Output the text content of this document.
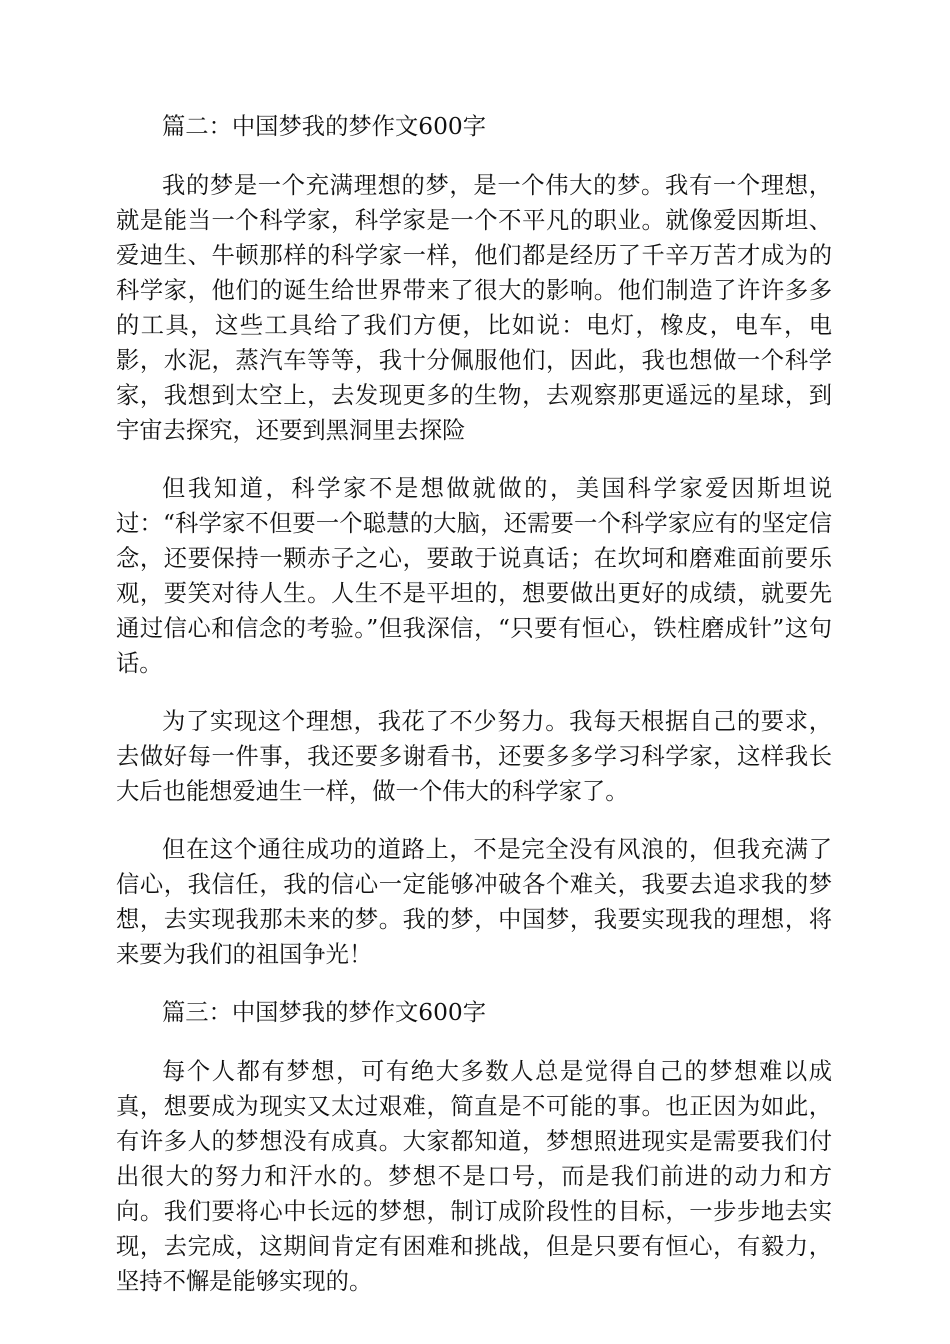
篇二：中国梦我的梦作文600字

我的梦是一个充满理想的梦，是一个伟大的梦。我有一个理想，就是能当一个科学家，科学家是一个不平凡的职业。就像爱因斯坦、爱迪生、牛顿那样的科学家一样，他们都是经历了千辛万苦才成为的科学家，他们的诞生给世界带来了很大的影响。他们制造了许许多多的工具，这些工具给了我们方便，比如说：电灯，橡皮，电车，电影，水泥，蒸汽车等等，我十分佩服他们，因此，我也想做一个科学家，我想到太空上，去发现更多的生物，去观察那更遥远的星球，到宇宙去探究，还要到黑洞里去探险

但我知道，科学家不是想做就做的，美国科学家爱因斯坦说过：“科学家不但要一个聪慧的大脑，还需要一个科学家应有的坚定信念，还要保持一颗赤子之心，要敢于说真话；在坎坷和磨难面前要乐观，要笑对待人生。人生不是平坦的，想要做出更好的成绩，就要先通过信心和信念的考验。”但我深信，“只要有恒心，铁柱磨成针”这句话。

为了实现这个理想，我花了不少努力。我每天根据自己的要求，去做好每一件事，我还要多谢看书，还要多多学习科学家，这样我长大后也能想爱迪生一样，做一个伟大的科学家了。

但在这个通往成功的道路上，不是完全没有风浪的，但我充满了信心，我信任，我的信心一定能够冲破各个难关，我要去追求我的梦想，去实现我那未来的梦。我的梦，中国梦，我要实现我的理想，将来要为我们的祖国争光！

篇三：中国梦我的梦作文600字

每个人都有梦想，可有绝大多数人总是觉得自己的梦想难以成真，想要成为现实又太过艰难，简直是不可能的事。也正因为如此，有许多人的梦想没有成真。大家都知道，梦想照进现实是需要我们付出很大的努力和汗水的。梦想不是口号，而是我们前进的动力和方向。我们要将心中长远的梦想，制订成阶段性的目标，一步步地去实现，去完成，这期间肯定有困难和挑战，但是只要有恒心，有毅力，坚持不懈是能够实现的。
